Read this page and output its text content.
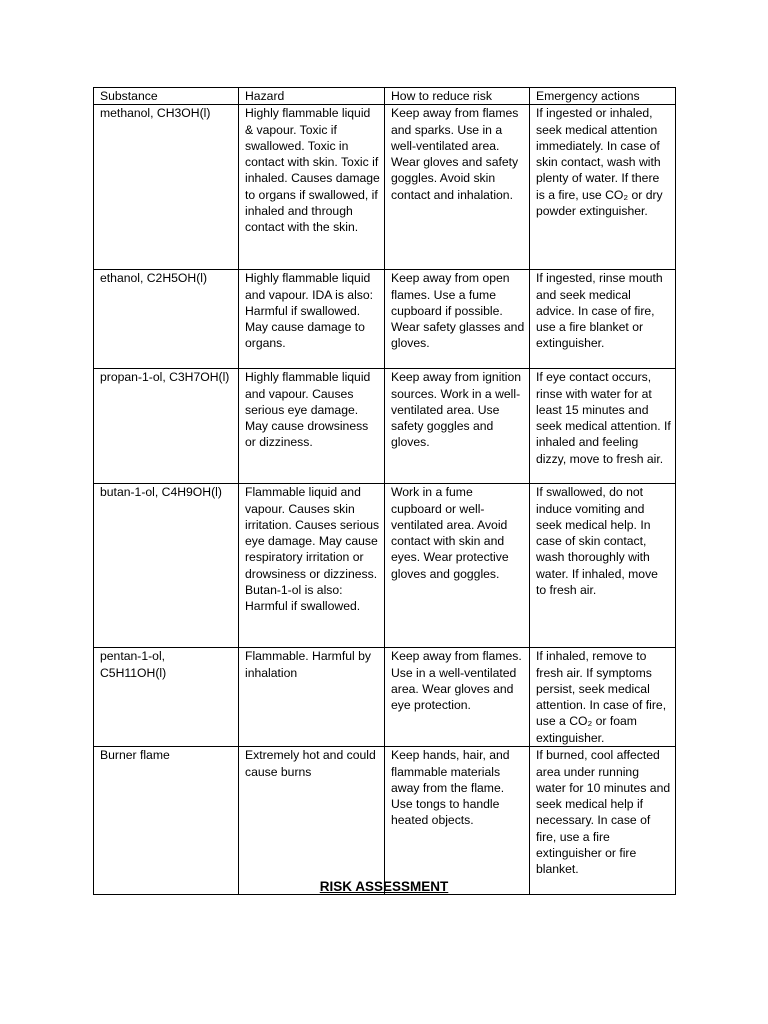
Substance	Hazard	How to reduce risk	Emergency actions
methanol, CH3OH(l)	Highly flammable liquid & vapour. Toxic if swallowed. Toxic in contact with skin. Toxic if inhaled. Causes damage to organs if swallowed, if inhaled and through contact with the skin.	Keep away from flames and sparks. Use in a well-ventilated area. Wear gloves and safety goggles. Avoid skin contact and inhalation.	If ingested or inhaled, seek medical attention immediately. In case of skin contact, wash with plenty of water. If there is a fire, use CO₂ or dry powder extinguisher.
ethanol, C2H5OH(l)	Highly flammable liquid and vapour. IDA is also: Harmful if swallowed. May cause damage to organs.	Keep away from open flames. Use a fume cupboard if possible. Wear safety glasses and gloves.	If ingested, rinse mouth and seek medical advice. In case of fire, use a fire blanket or extinguisher.
propan-1-ol, C3H7OH(l)	Highly flammable liquid and vapour. Causes serious eye damage. May cause drowsiness or dizziness.	Keep away from ignition sources. Work in a well-ventilated area. Use safety goggles and gloves.	If eye contact occurs, rinse with water for at least 15 minutes and seek medical attention. If inhaled and feeling dizzy, move to fresh air.
butan-1-ol, C4H9OH(l)	Flammable liquid and vapour. Causes skin irritation. Causes serious eye damage. May cause respiratory irritation or drowsiness or dizziness. Butan-1-ol is also: Harmful if swallowed.	Work in a fume cupboard or well-ventilated area. Avoid contact with skin and eyes. Wear protective gloves and goggles.	If swallowed, do not induce vomiting and seek medical help. In case of skin contact, wash thoroughly with water. If inhaled, move to fresh air.
pentan-1-ol, C5H11OH(l)	Flammable. Harmful by inhalation	Keep away from flames. Use in a well-ventilated area. Wear gloves and eye protection.	If inhaled, remove to fresh air. If symptoms persist, seek medical attention. In case of fire, use a CO₂ or foam extinguisher.
Burner flame	Extremely hot and could cause burns	Keep hands, hair, and flammable materials away from the flame. Use tongs to handle heated objects.	If burned, cool affected area under running water for 10 minutes and seek medical help if necessary. In case of fire, use a fire extinguisher or fire blanket.
RISK ASSESSMENT
